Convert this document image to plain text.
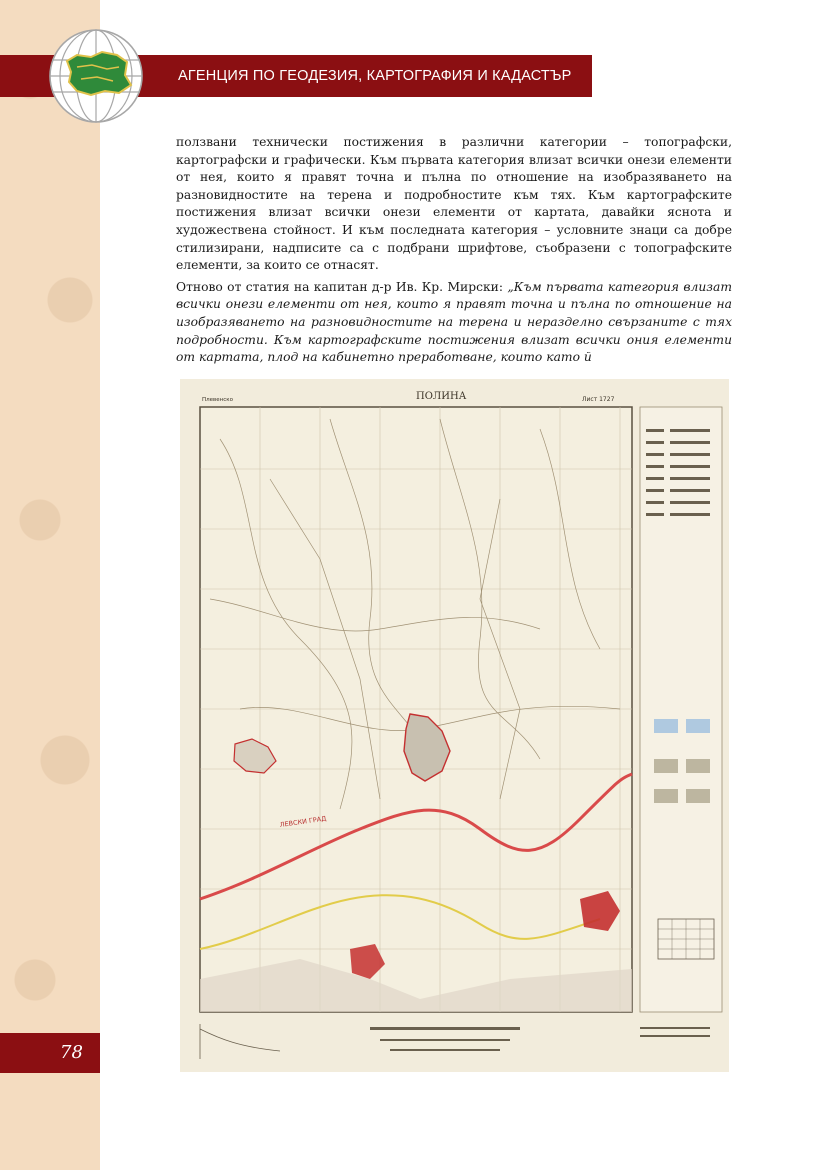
АГЕНЦИЯ ПО ГЕОДЕЗИЯ, КАРТОГРАФИЯ И КАДАСТЪР

ползвани технически постижения в различни категории – топографски, картографски и графически. Към първата категория влизат всички онези елементи от нея, които я правят точна и пълна по отношение на изобразяването на разновидностите на терена и подробностите към тях. Към картографските постижения влизат всички онези елементи от картата, давайки яснота и художествена стойност. И към последната категория – условните знаци са добре стилизирани, надписите са с подбрани шрифтове, съобразени с топографските елементи, за които се отнасят.

Отново от статия на капитан д-р Ив. Кр. Мирски: „Към първата категория влизат всички онези елементи от нея, които я правят точна и пълна по отношение на изобразяването на разновидностите на терена и неразделно свързаните с тях подробности. Към картографските постижения влизат всички ония елементи от картата, плод на кабинетно преработване, които като й

ПОЛИНА	Лист 1727
Плевенско
ЛЕВСКИ ГРАД
78
